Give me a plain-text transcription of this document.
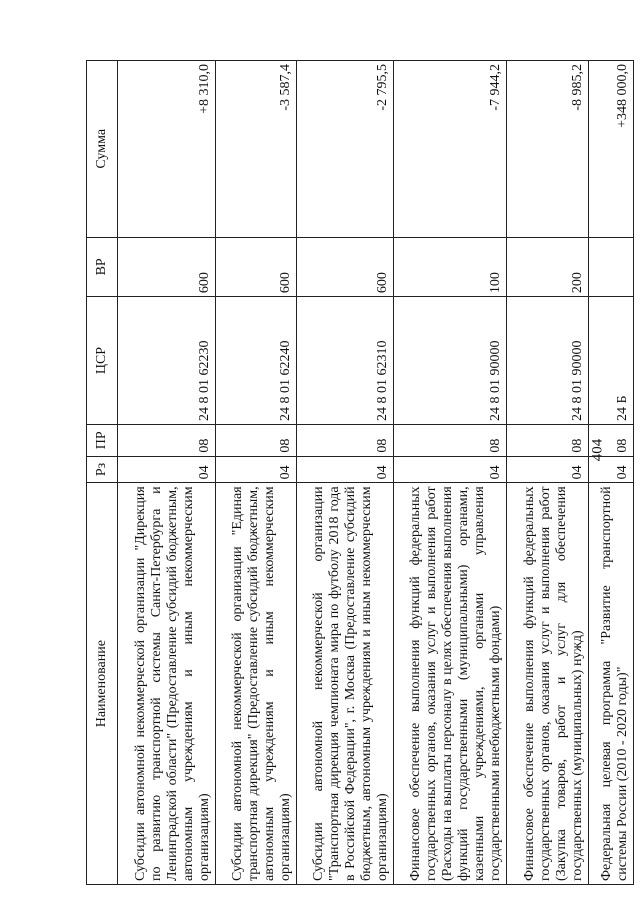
404
Наименование	Рз	ПР	ЦСР	ВР	Сумма
Субсидии автономной некоммерческой организации "Дирекция по развитию транспортной системы Санкт-Петербурга и Ленинградской области" (Предоставление субсидий бюджетным, автономным учреждениям и иным некоммерческим организациям)	04	08	24 8 01 62230	600	+8 310,0
Субсидии автономной некоммерческой организации "Единая транспортная дирекция" (Предоставление субсидий бюджетным, автономным учреждениям и иным некоммерческим организациям)	04	08	24 8 01 62240	600	-3 587,4
Субсидии автономной некоммерческой организации "Транспортная дирекция чемпионата мира по футболу 2018 года в Российской Федерации", г. Москва (Предоставление субсидий бюджетным, автономным учреждениям и иным некоммерческим организациям)	04	08	24 8 01 62310	600	-2 795,5
Финансовое обеспечение выполнения функций федеральных государственных органов, оказания услуг и выполнения работ (Расходы на выплаты персоналу в целях обеспечения выполнения функций государственными (муниципальными) органами, казенными учреждениями, органами управления государственными внебюджетными фондами)	04	08	24 8 01 90000	100	-7 944,2
Финансовое обеспечение выполнения функций федеральных государственных органов, оказания услуг и выполнения работ (Закупка товаров, работ и услуг для обеспечения государственных (муниципальных) нужд)	04	08	24 8 01 90000	200	-8 985,2
Федеральная целевая программа "Развитие транспортной системы России (2010 - 2020 годы)"	04	08	24 Б		+348 000,0
